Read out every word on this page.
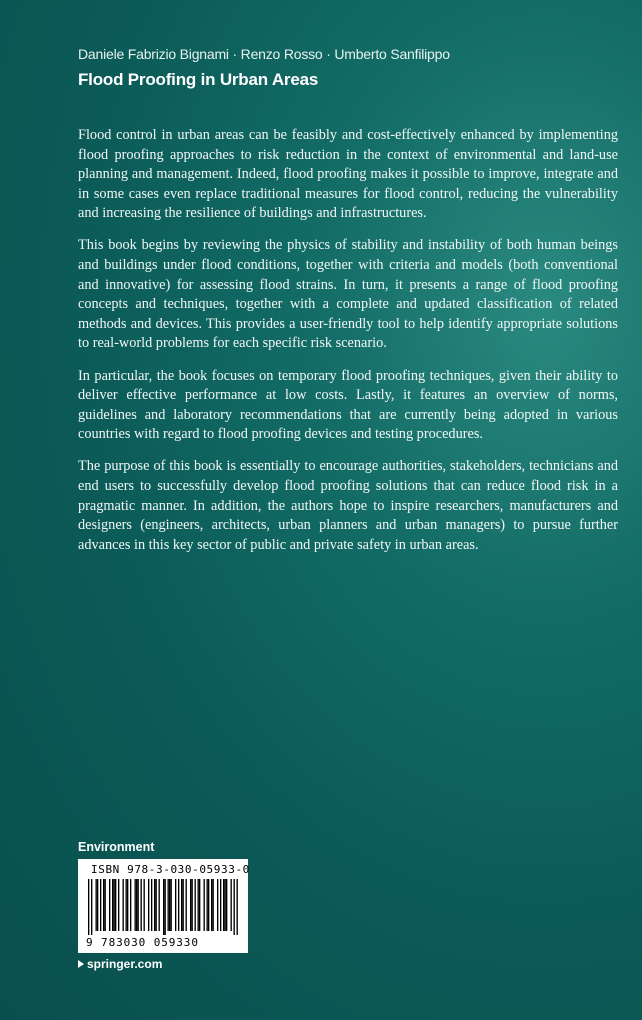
Daniele Fabrizio Bignami · Renzo Rosso · Umberto Sanfilippo
Flood Proofing in Urban Areas

Flood control in urban areas can be feasibly and cost-effectively enhanced by implementing flood proofing approaches to risk reduction in the context of environmental and land-use planning and management. Indeed, flood proofing makes it possible to improve, integrate and in some cases even replace traditional measures for flood control, reducing the vulnerability and increasing the resilience of buildings and infrastructures.

This book begins by reviewing the physics of stability and instability of both human beings and buildings under flood conditions, together with criteria and models (both conventional and innovative) for assessing flood strains. In turn, it presents a range of flood proofing concepts and techniques, together with a complete and updated classification of related methods and devices. This provides a user-friendly tool to help identify appropriate solutions to real-world problems for each specific risk scenario.

In particular, the book focuses on temporary flood proofing techniques, given their ability to deliver effective performance at low costs. Lastly, it features an overview of norms, guidelines and laboratory recommendations that are currently being adopted in various countries with regard to flood proofing devices and testing procedures.

The purpose of this book is essentially to encourage authorities, stakeholders, technicians and end users to successfully develop flood proofing solutions that can reduce flood risk in a pragmatic manner. In addition, the authors hope to inspire researchers, manufacturers and designers (engineers, architects, urban planners and urban managers) to pursue further advances in this key sector of public and private safety in urban areas.

Environment
ISBN 978-3-030-05933-0
9 783030 059330
springer.com
